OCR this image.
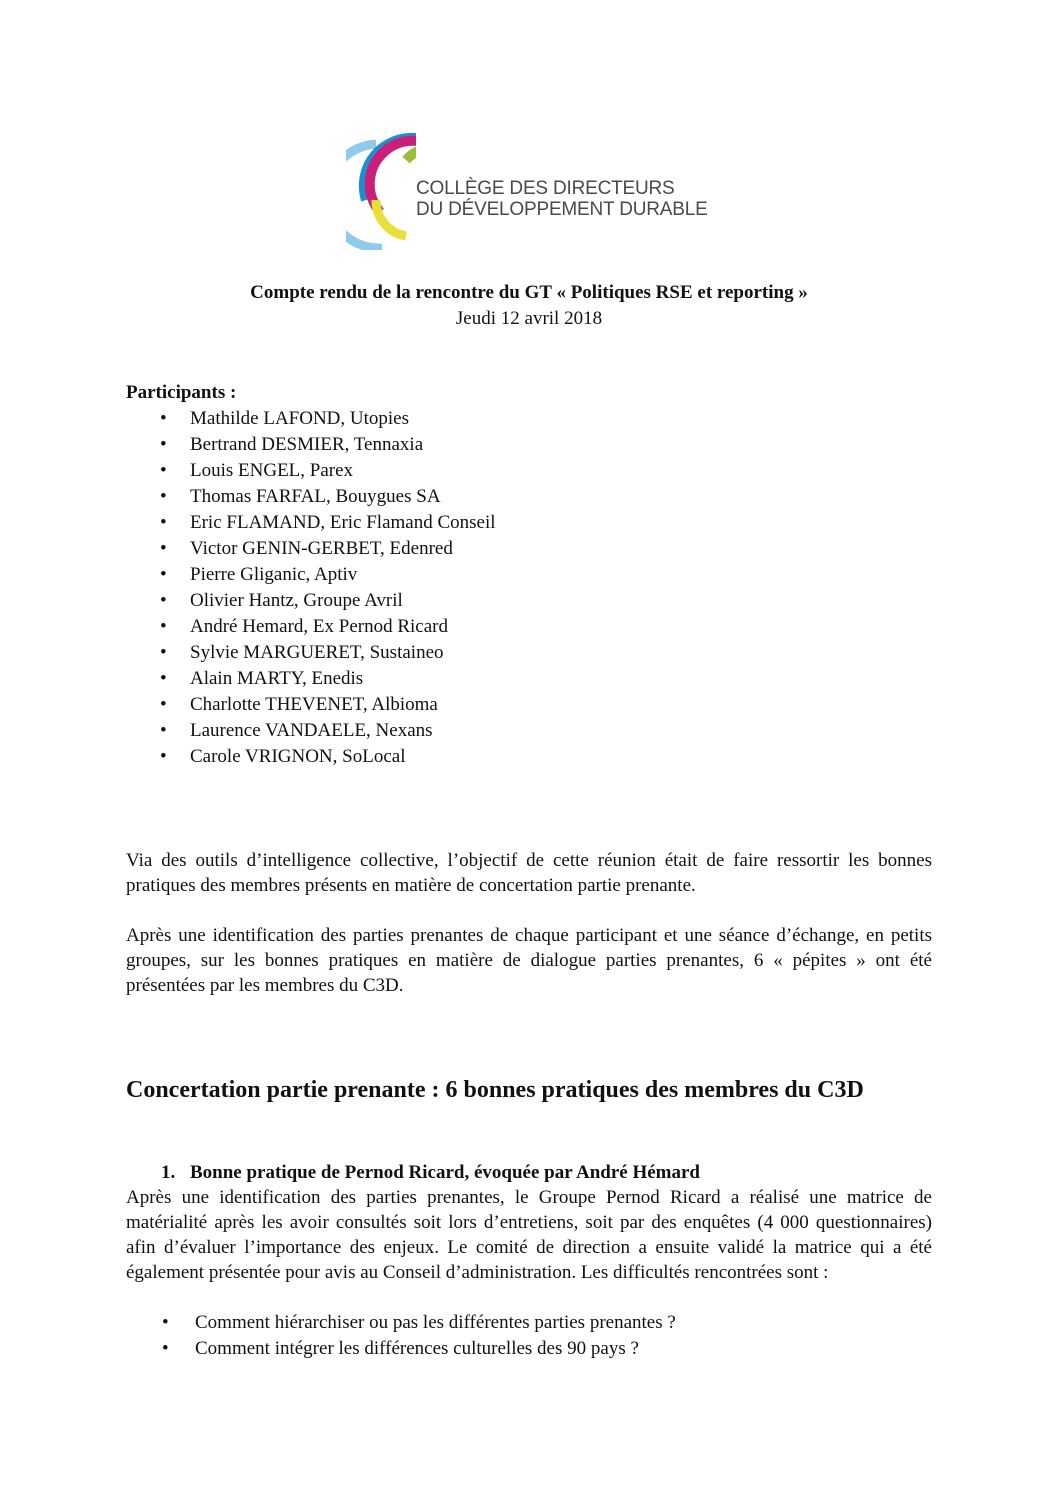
COLLÈGE DES DIRECTEURS
DU DÉVELOPPEMENT DURABLE
Compte rendu de la rencontre du GT « Politiques RSE et reporting »
Jeudi 12 avril 2018
Participants :
• Mathilde LAFOND, Utopies
• Bertrand DESMIER, Tennaxia
• Louis ENGEL, Parex
• Thomas FARFAL, Bouygues SA
• Eric FLAMAND, Eric Flamand Conseil
• Victor GENIN-GERBET, Edenred
• Pierre Gliganic, Aptiv
• Olivier Hantz, Groupe Avril
• André Hemard, Ex Pernod Ricard
• Sylvie MARGUERET, Sustaineo
• Alain MARTY, Enedis
• Charlotte THEVENET, Albioma
• Laurence VANDAELE, Nexans
• Carole VRIGNON, SoLocal
Via des outils d’intelligence collective, l’objectif de cette réunion était de faire ressortir les bonnes pratiques des membres présents en matière de concertation partie prenante.
Après une identification des parties prenantes de chaque participant et une séance d’échange, en petits groupes, sur les bonnes pratiques en matière de dialogue parties prenantes, 6 « pépites » ont été présentées par les membres du C3D.
Concertation partie prenante : 6 bonnes pratiques des membres du C3D
1. Bonne pratique de Pernod Ricard, évoquée par André Hémard
Après une identification des parties prenantes, le Groupe Pernod Ricard a réalisé une matrice de matérialité après les avoir consultés soit lors d’entretiens, soit par des enquêtes (4 000 questionnaires) afin d’évaluer l’importance des enjeux. Le comité de direction a ensuite validé la matrice qui a été également présentée pour avis au Conseil d’administration. Les difficultés rencontrées sont :
• Comment hiérarchiser ou pas les différentes parties prenantes ?
• Comment intégrer les différences culturelles des 90 pays ?
